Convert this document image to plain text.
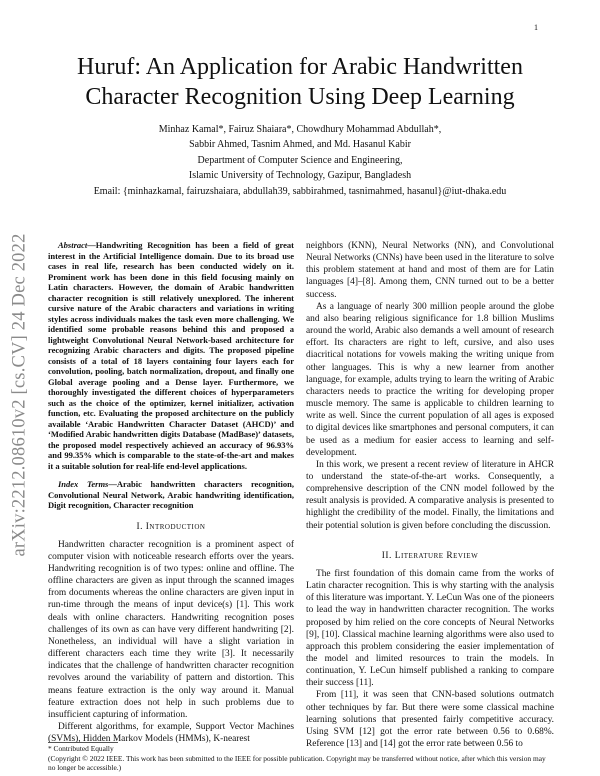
1
arXiv:2212.08610v2 [cs.CV] 24 Dec 2022
Huruf: An Application for Arabic Handwritten
Character Recognition Using Deep Learning
Minhaz Kamal*, Fairuz Shaiara*, Chowdhury Mohammad Abdullah*,
Sabbir Ahmed, Tasnim Ahmed, and Md. Hasanul Kabir
Department of Computer Science and Engineering,
Islamic University of Technology, Gazipur, Bangladesh
Email: {minhazkamal, fairuzshaiara, abdullah39, sabbirahmed, tasnimahmed, hasanul}@iut-dhaka.edu

Abstract—Handwriting Recognition has been a field of great interest in the Artificial Intelligence domain. Due to its broad use cases in real life, research has been conducted widely on it. Prominent work has been done in this field focusing mainly on Latin characters. However, the domain of Arabic handwritten character recognition is still relatively unexplored. The inherent cursive nature of the Arabic characters and variations in writing styles across individuals makes the task even more challenging. We identified some probable reasons behind this and proposed a lightweight Convolutional Neural Network-based architecture for recognizing Arabic characters and digits. The proposed pipeline consists of a total of 18 layers containing four layers each for convolution, pooling, batch normalization, dropout, and finally one Global average pooling and a Dense layer. Furthermore, we thoroughly investigated the different choices of hyperparameters such as the choice of the optimizer, kernel initializer, activation function, etc. Evaluating the proposed architecture on the publicly available ‘Arabic Handwritten Character Dataset (AHCD)’ and ‘Modified Arabic handwritten digits Database (MadBase)’ datasets, the proposed model respectively achieved an accuracy of 96.93% and 99.35% which is comparable to the state-of-the-art and makes it a suitable solution for real-life end-level applications.

Index Terms—Arabic handwritten characters recognition, Convolutional Neural Network, Arabic handwriting identification, Digit recognition, Character recognition

I. Introduction

Handwritten character recognition is a prominent aspect of computer vision with noticeable research efforts over the years. Handwriting recognition is of two types: online and offline. The offline characters are given as input through the scanned images from documents whereas the online characters are given input in run-time through the means of input device(s) [1]. This work deals with online characters. Handwriting recognition poses challenges of its own as can have very different handwriting [2]. Nonetheless, an individual will have a slight variation in different characters each time they write [3]. It necessarily indicates that the challenge of handwritten character recognition revolves around the variability of pattern and distortion. This means feature extraction is the only way around it. Manual feature extraction does not help in such problems due to insufficient capturing of information.

Different algorithms, for example, Support Vector Machines (SVMs), Hidden Markov Models (HMMs), K-nearest

neighbors (KNN), Neural Networks (NN), and Convolutional Neural Networks (CNNs) have been used in the literature to solve this problem statement at hand and most of them are for Latin languages [4]–[8]. Among them, CNN turned out to be a better success.

As a language of nearly 300 million people around the globe and also bearing religious significance for 1.8 billion Muslims around the world, Arabic also demands a well amount of research effort. Its characters are right to left, cursive, and also uses diacritical notations for vowels making the writing unique from other languages. This is why a new learner from another language, for example, adults trying to learn the writing of Arabic characters needs to practice the writing for developing proper muscle memory. The same is applicable to children learning to write as well. Since the current population of all ages is exposed to digital devices like smartphones and personal computers, it can be used as a medium for easier access to learning and self-development.

In this work, we present a recent review of literature in AHCR to understand the state-of-the-art works. Consequently, a comprehensive description of the CNN model followed by the result analysis is provided. A comparative analysis is presented to highlight the credibility of the model. Finally, the limitations and their potential solution is given before concluding the discussion.

II. Literature Review

The first foundation of this domain came from the works of Latin character recognition. This is why starting with the analysis of this literature was important. Y. LeCun Was one of the pioneers to lead the way in handwritten character recognition. The works proposed by him relied on the core concepts of Neural Networks [9], [10]. Classical machine learning algorithms were also used to approach this problem considering the easier implementation of the model and limited resources to train the models. In continuation, Y. LeCun himself published a ranking to compare their success [11].

From [11], it was seen that CNN-based solutions outmatch other techniques by far. But there were some classical machine learning solutions that presented fairly competitive accuracy. Using SVM [12] got the error rate between 0.56 to 0.68%. Reference [13] and [14] got the error rate between 0.56 to

* Contributed Equally
(Copyright © 2022 IEEE. This work has been submitted to the IEEE for possible publication. Copyright may be transferred without notice, after which this version may no longer be accessible.)
